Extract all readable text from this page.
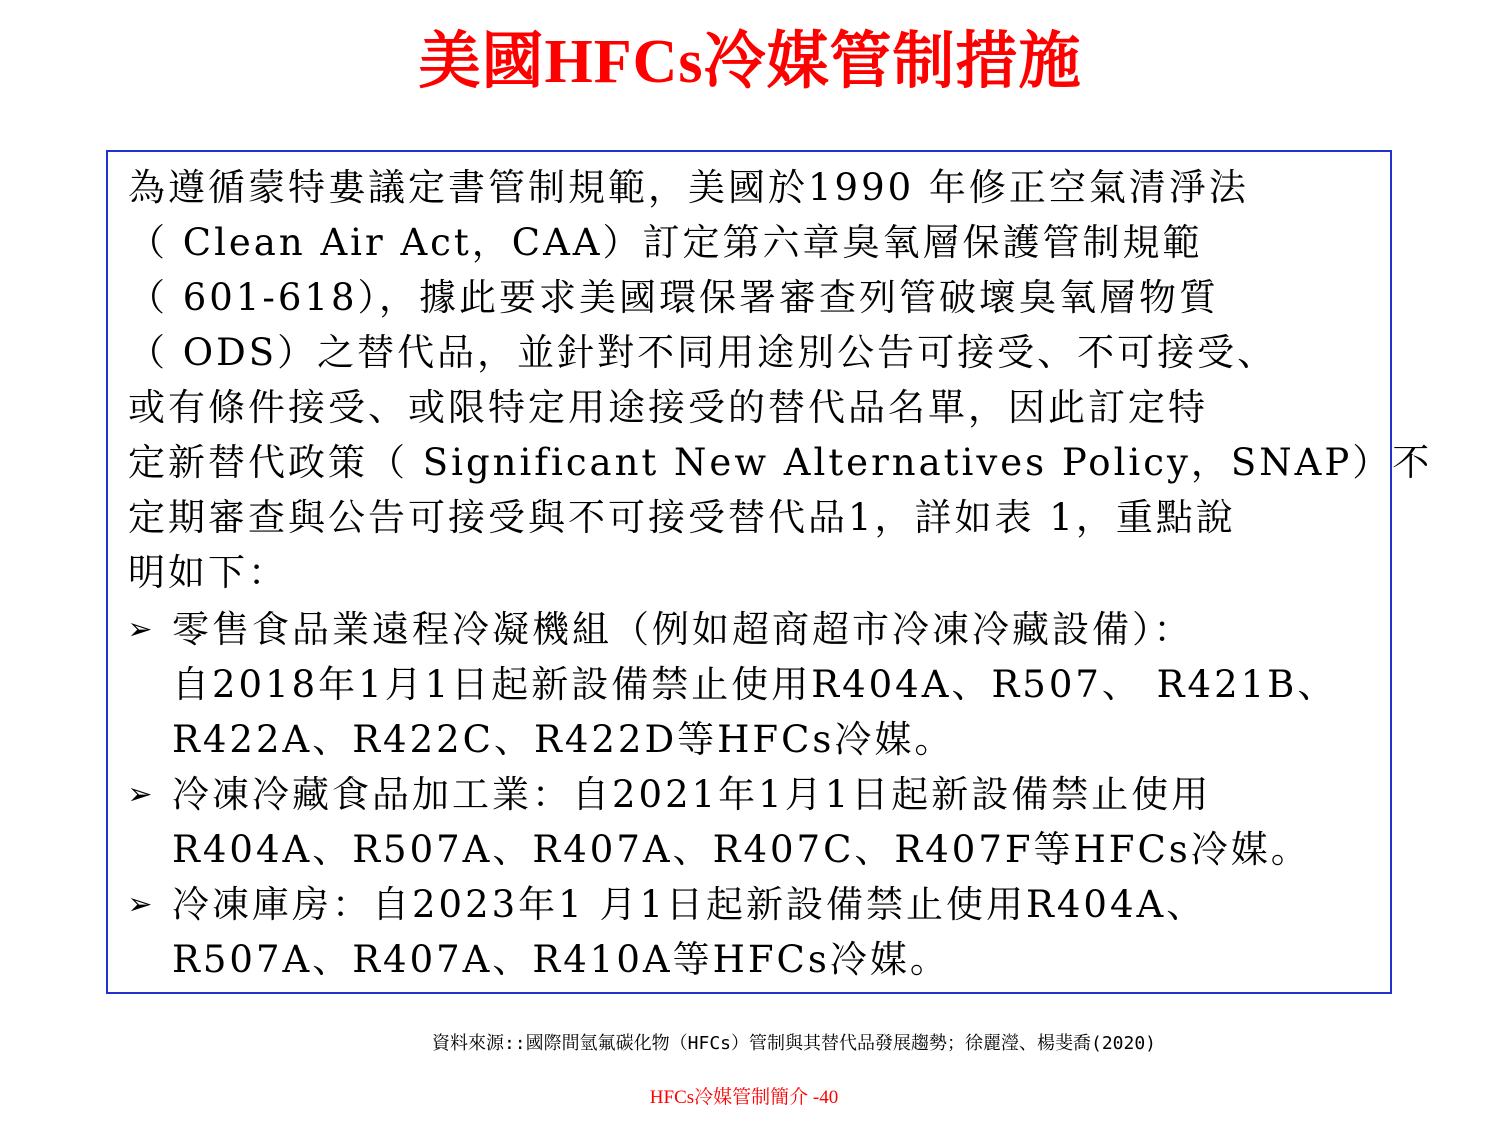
美國HFCs冷媒管制措施
為遵循蒙特婁議定書管制規範，美國於1990 年修正空氣清淨法
（ Clean Air Act，CAA）訂定第六章臭氧層保護管制規範
（ 601-618），據此要求美國環保署審查列管破壞臭氧層物質
（ ODS）之替代品，並針對不同用途別公告可接受、不可接受、
或有條件接受、或限特定用途接受的替代品名單，因此訂定特
定新替代政策（ Significant New Alternatives Policy，SNAP）不
定期審查與公告可接受與不可接受替代品1，詳如表 1，重點說
明如下：
➢ 零售食品業遠程冷凝機組（例如超商超市冷凍冷藏設備）：
自2018年1月1日起新設備禁止使用R404A、R507、 R421B、
R422A、R422C、R422D等HFCs冷媒。
➢ 冷凍冷藏食品加工業：自2021年1月1日起新設備禁止使用
R404A、R507A、R407A、R407C、R407F等HFCs冷媒。
➢ 冷凍庫房：自2023年1 月1日起新設備禁止使用R404A、
R507A、R407A、R410A等HFCs冷媒。
資料來源::國際間氫氟碳化物（HFCs）管制與其替代品發展趨勢；徐麗瀅、楊斐喬(2020)
HFCs冷媒管制簡介 -40
